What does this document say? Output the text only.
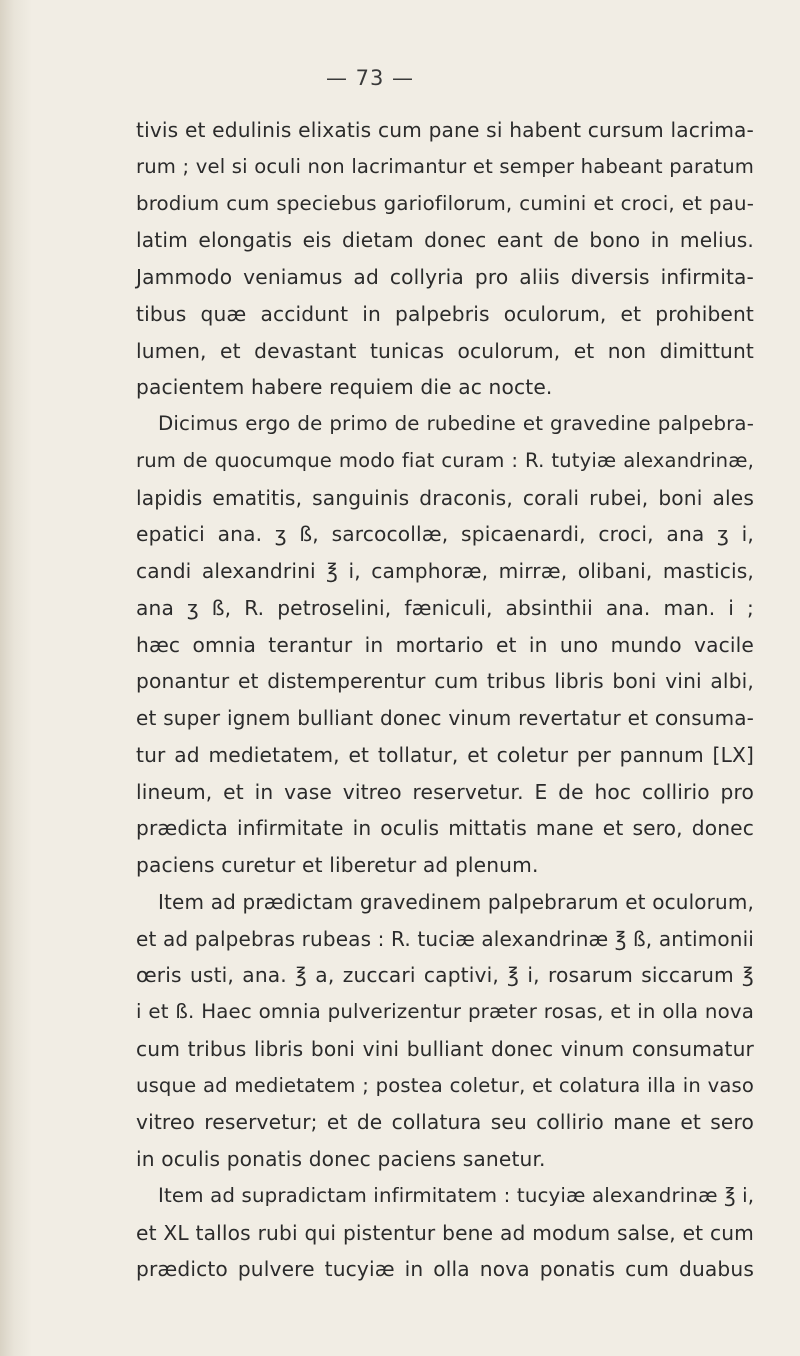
— 73 —
tivis et edulinis elixatis cum pane si habent cursum lacrima-
rum ; vel si oculi non lacrimantur et semper habeant paratum
brodium cum speciebus gariofilorum, cumini et croci, et pau-
latim elongatis eis dietam donec eant de bono in melius.
Jammodo veniamus ad collyria pro aliis diversis infirmita-
tibus quæ accidunt in palpebris oculorum, et prohibent
lumen, et devastant tunicas oculorum, et non dimittunt
pacientem habere requiem die ac nocte.
Dicimus ergo de primo de rubedine et gravedine palpebra-
rum de quocumque modo fiat curam : R. tutyiæ alexandrinæ,
lapidis ematitis, sanguinis draconis, corali rubei, boni ales
epatici ana. ʒ ß, sarcocollæ, spicaenardi, croci, ana ʒ i,
candi alexandrini ℥ i, camphoræ, mirræ, olibani, masticis,
ana ʒ ß, R. petroselini, fæniculi, absinthii ana. man. i ;
hæc omnia terantur in mortario et in uno mundo vacile
ponantur et distemperentur cum tribus libris boni vini albi,
et super ignem bulliant donec vinum revertatur et consuma-
tur ad medietatem, et tollatur, et coletur per pannum [LX]
lineum, et in vase vitreo reservetur. E de hoc collirio pro
prædicta infirmitate in oculis mittatis mane et sero, donec
paciens curetur et liberetur ad plenum.
Item ad prædictam gravedinem palpebrarum et oculorum,
et ad palpebras rubeas : R. tuciæ alexandrinæ ℥ ß, antimonii
œris usti, ana. ℥ a, zuccari captivi, ℥ i, rosarum siccarum ℥
i et ß. Haec omnia pulverizentur præter rosas, et in olla nova
cum tribus libris boni vini bulliant donec vinum consumatur
usque ad medietatem ; postea coletur, et colatura illa in vaso
vitreo reservetur; et de collatura seu collirio mane et sero
in oculis ponatis donec paciens sanetur.
Item ad supradictam infirmitatem : tucyiæ alexandrinæ ℥ i,
et XL tallos rubi qui pistentur bene ad modum salse, et cum
prædicto pulvere tucyiæ in olla nova ponatis cum duabus
